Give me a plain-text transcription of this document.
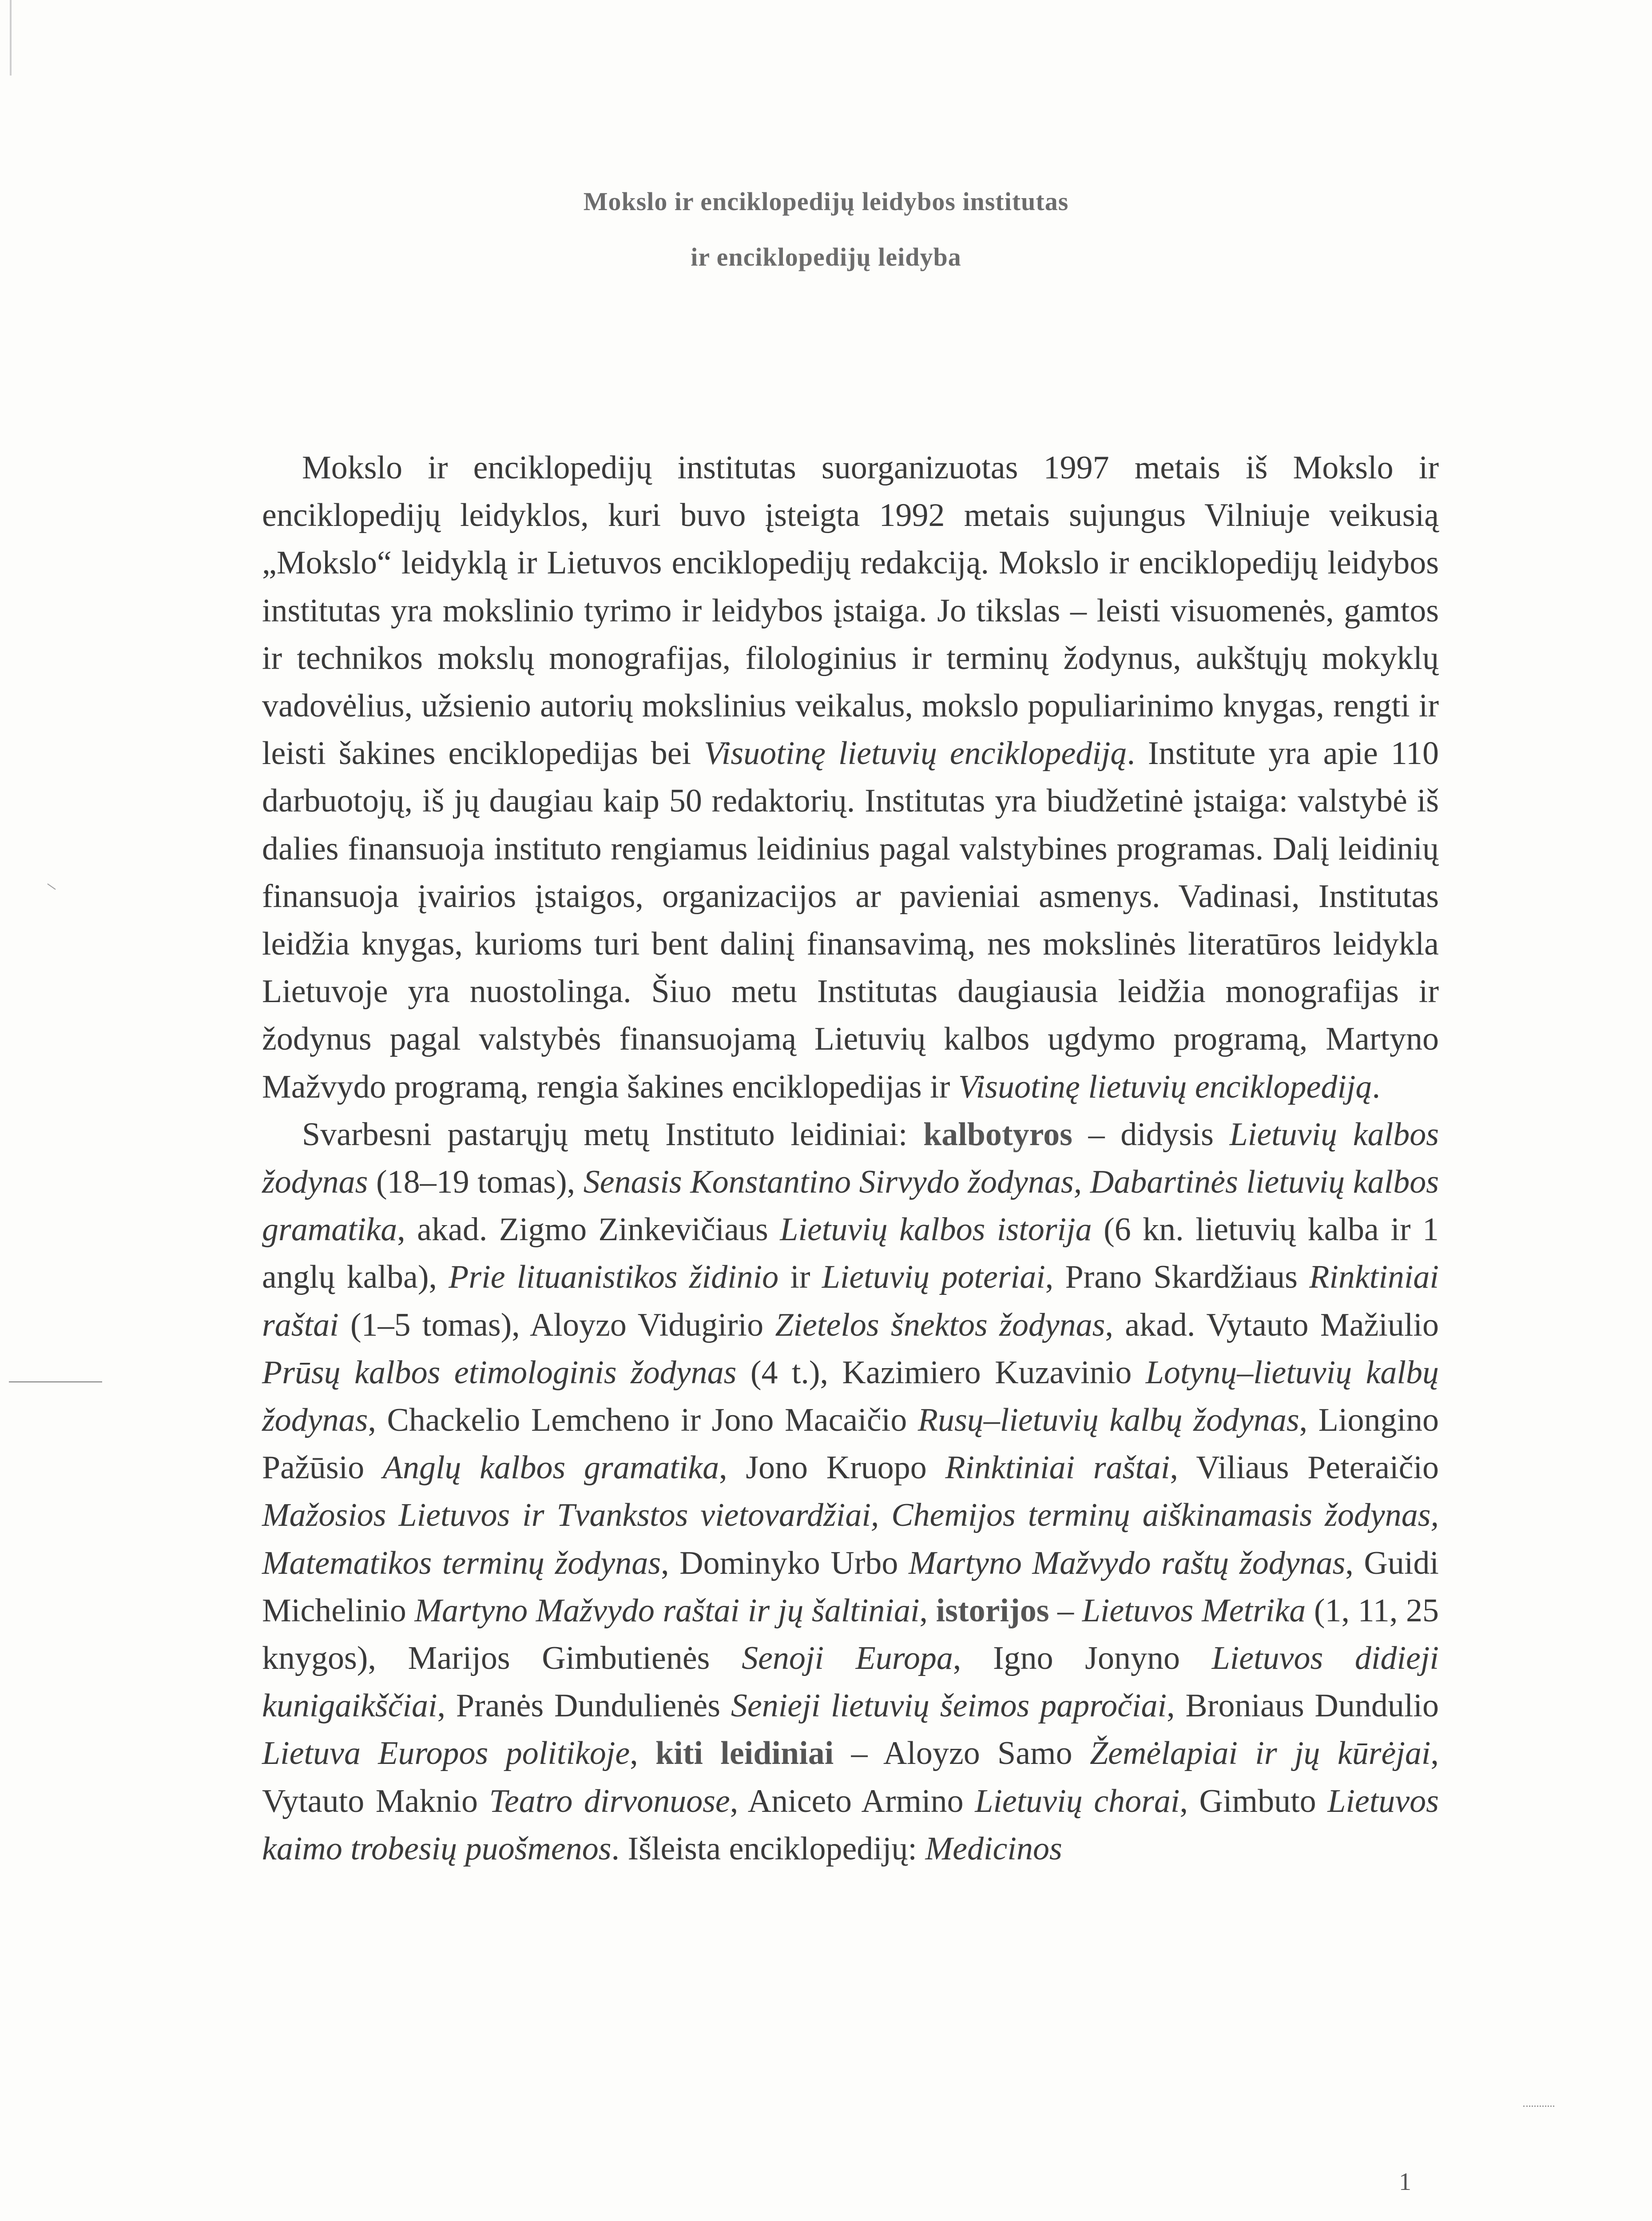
Mokslo ir enciklopedijų leidybos institutas
ir enciklopedijų leidyba

Mokslo ir enciklopedijų institutas suorganizuotas 1997 metais iš Mokslo ir enciklopedijų leidyklos, kuri buvo įsteigta 1992 metais sujungus Vilniuje veikusią „Mokslo“ leidyklą ir Lietuvos enciklopedijų redakciją. Mokslo ir enciklopedijų leidybos institutas yra mokslinio tyrimo ir leidybos įstaiga. Jo tikslas – leisti visuomenės, gamtos ir technikos mokslų monografijas, filologinius ir terminų žodynus, aukštųjų mokyklų vadovėlius, užsienio autorių mokslinius veikalus, mokslo populiarinimo knygas, rengti ir leisti šakines enciklopedijas bei Visuotinę lietuvių enciklopediją. Institute yra apie 110 darbuotojų, iš jų daugiau kaip 50 redaktorių. Institutas yra biudžetinė įstaiga: valstybė iš dalies finansuoja instituto rengiamus leidinius pagal valstybines programas. Dalį leidinių finansuoja įvairios įstaigos, organizacijos ar pavieniai asmenys. Vadinasi, Institutas leidžia knygas, kurioms turi bent dalinį finansavimą, nes mokslinės literatūros leidykla Lietuvoje yra nuostolinga. Šiuo metu Institutas daugiausia leidžia monografijas ir žodynus pagal valstybės finansuojamą Lietuvių kalbos ugdymo programą, Martyno Mažvydo programą, rengia šakines enciklopedijas ir Visuotinę lietuvių enciklopediją.

Svarbesni pastarųjų metų Instituto leidiniai: kalbotyros – didysis Lietuvių kalbos žodynas (18–19 tomas), Senasis Konstantino Sirvydo žodynas, Dabartinės lietuvių kalbos gramatika, akad. Zigmo Zinkevičiaus Lietuvių kalbos istorija (6 kn. lietuvių kalba ir 1 anglų kalba), Prie lituanistikos židinio ir Lietuvių poteriai, Prano Skardžiaus Rinktiniai raštai (1–5 tomas), Aloyzo Vidugirio Zietelos šnektos žodynas, akad. Vytauto Mažiulio Prūsų kalbos etimologinis žodynas (4 t.), Kazimiero Kuzavinio Lotynų–lietuvių kalbų žodynas, Chackelio Lemcheno ir Jono Macaičio Rusų–lietuvių kalbų žodynas, Liongino Pažūsio Anglų kalbos gramatika, Jono Kruopo Rinktiniai raštai, Viliaus Peteraičio Mažosios Lietuvos ir Tvankstos vietovardžiai, Chemijos terminų aiškinamasis žodynas, Matematikos terminų žodynas, Dominyko Urbo Martyno Mažvydo raštų žodynas, Guidi Michelinio Martyno Mažvydo raštai ir jų šaltiniai, istorijos – Lietuvos Metrika (1, 11, 25 knygos), Marijos Gimbutienės Senoji Europa, Igno Jonyno Lietuvos didieji kunigaikščiai, Pranės Dundulienės Senieji lietuvių šeimos papročiai, Broniaus Dundulio Lietuva Europos politikoje, kiti leidiniai – Aloyzo Samo Žemėlapiai ir jų kūrėjai, Vytauto Maknio Teatro dirvonuose, Aniceto Armino Lietuvių chorai, Gimbuto Lietuvos kaimo trobesių puošmenos. Išleista enciklopedijų: Medicinos

1
